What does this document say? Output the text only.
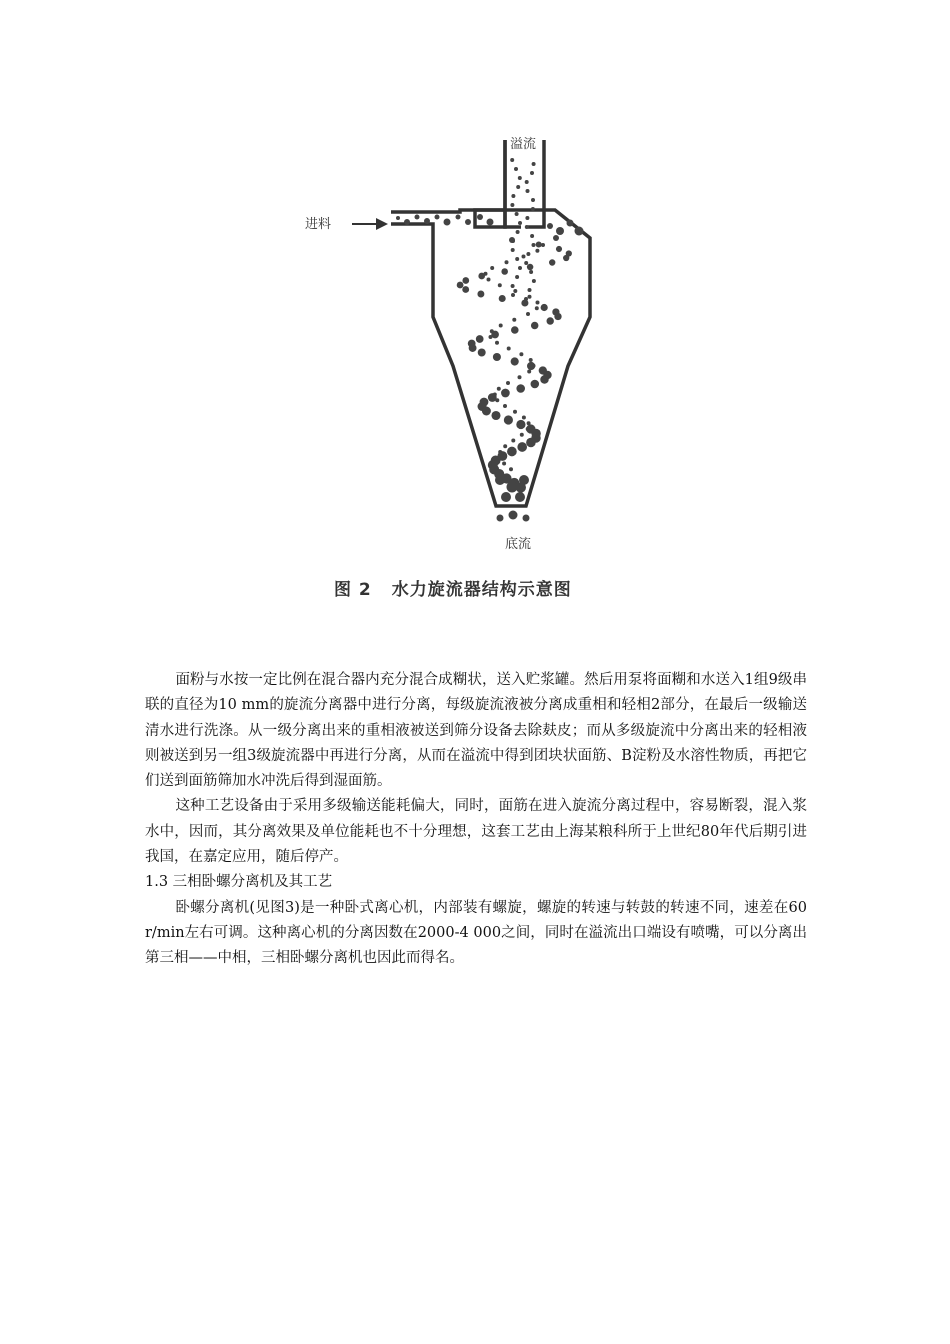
溢流
进料
底流
图 2 水力旋流器结构示意图

面粉与水按一定比例在混合器内充分混合成糊状，送入贮浆罐。然后用泵将面糊和水送入1组9级串联的直径为10 mm的旋流分离器中进行分离，每级旋流液被分离成重相和轻相2部分，在最后一级输送清水进行洗涤。从一级分离出来的重相液被送到筛分设备去除麸皮；而从多级旋流中分离出来的轻相液则被送到另一组3级旋流器中再进行分离，从而在溢流中得到团块状面筋、B淀粉及水溶性物质，再把它们送到面筋筛加水冲洗后得到湿面筋。

这种工艺设备由于采用多级输送能耗偏大，同时，面筋在进入旋流分离过程中，容易断裂，混入浆水中，因而，其分离效果及单位能耗也不十分理想，这套工艺由上海某粮科所于上世纪80年代后期引进我国，在嘉定应用，随后停产。

1.3 三相卧螺分离机及其工艺

卧螺分离机(见图3)是一种卧式离心机，内部装有螺旋，螺旋的转速与转鼓的转速不同，速差在60 r/min左右可调。这种离心机的分离因数在2000-4 000之间，同时在溢流出口端设有喷嘴，可以分离出第三相——中相，三相卧螺分离机也因此而得名。
